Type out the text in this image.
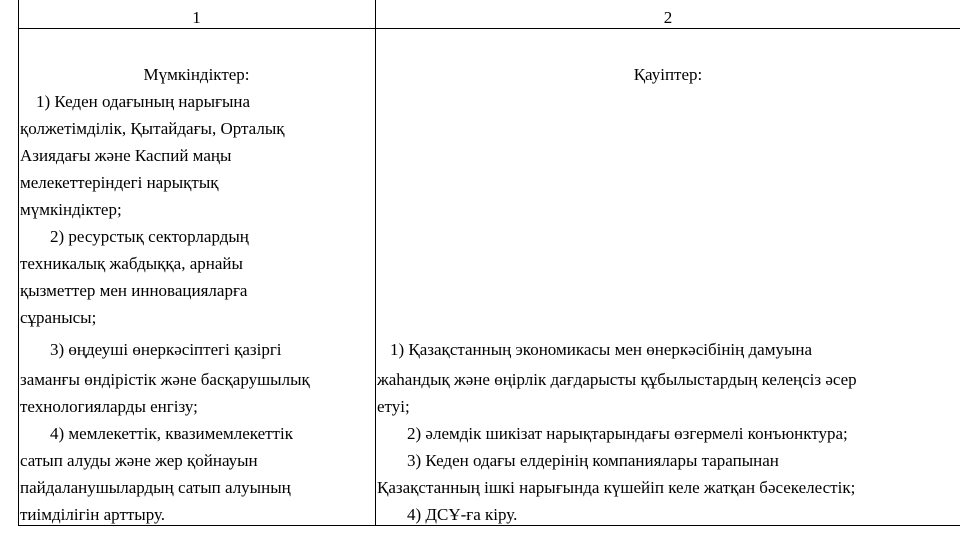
1	2
Мүмкіндіктер:	Қауіптер:
1) Кеден одағының нарығына
қолжетімділік, Қытайдағы, Орталық
Азиядағы және Каспий маңы
мелекеттеріндегі нарықтық
мүмкіндіктер;
2) ресурстық секторлардың
техникалық жабдыққа, арнайы
қызметтер мен инновацияларға
сұранысы;
3) өңдеуші өнеркәсіптегі қазіргі
заманғы өндірістік және басқарушылық
технологияларды енгізу;
4) мемлекеттік, квазимемлекеттік
сатып алуды және жер қойнауын
пайдаланушылардың сатып алуының
тиімділігін арттыру.
1) Қазақстанның экономикасы мен өнеркәсібінің дамуына
жаһандық және өңірлік дағдарысты құбылыстардың келеңсіз әсер
етуі;
2) әлемдік шикізат нарықтарындағы өзгермелі конъюнктура;
3) Кеден одағы елдерінің компаниялары тарапынан
Қазақстанның ішкі нарығында күшейіп келе жатқан бәсекелестік;
4) ДСҰ-ға кіру.
